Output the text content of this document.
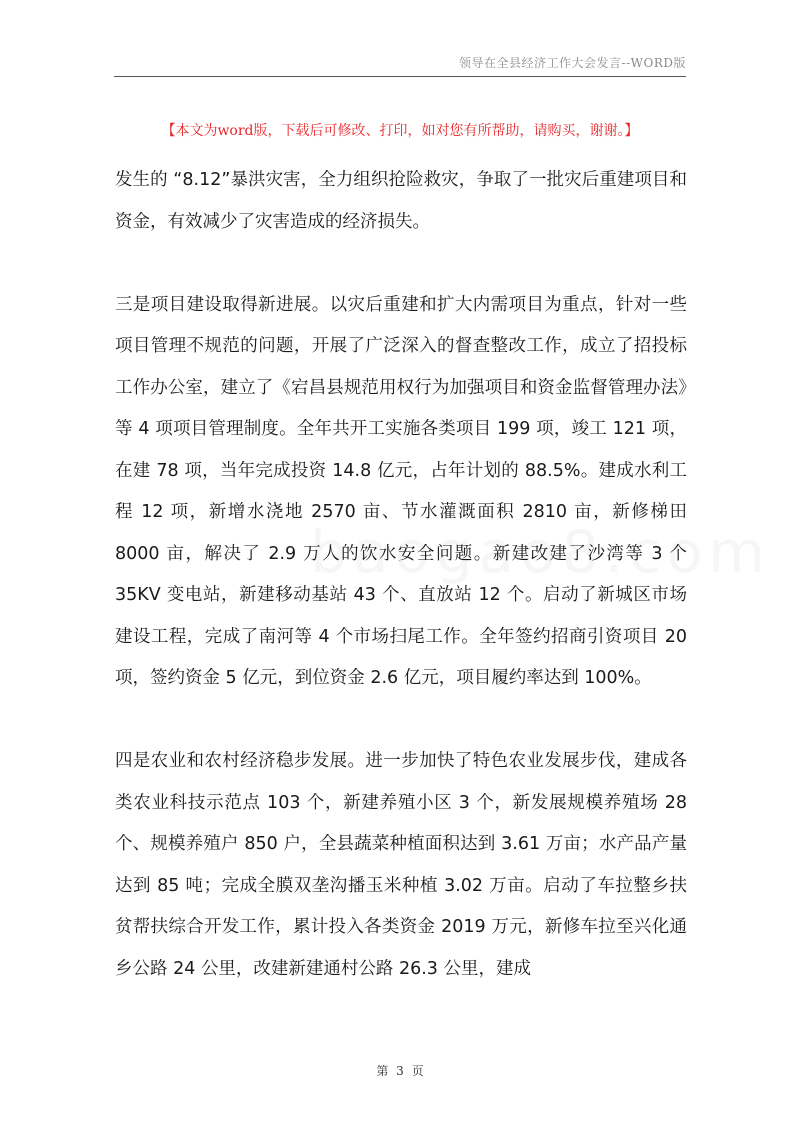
领导在全县经济工作大会发言--WORD版
【本文为word版，下载后可修改、打印，如对您有所帮助，请购买，谢谢。】

发生的 “8.12”暴洪灾害，全力组织抢险救灾，争取了一批灾后重建项目和资金，有效减少了灾害造成的经济损失。

三是项目建设取得新进展。以灾后重建和扩大内需项目为重点，针对一些项目管理不规范的问题，开展了广泛深入的督查整改工作，成立了招投标工作办公室，建立了《宕昌县规范用权行为加强项目和资金监督管理办法》等 4 项项目管理制度。全年共开工实施各类项目 199 项，竣工 121 项，在建 78 项，当年完成投资 14.8 亿元，占年计划的 88.5%。建成水利工程 12 项，新增水浇地 2570 亩、节水灌溉面积 2810 亩，新修梯田 8000 亩，解决了 2.9 万人的饮水安全问题。新建改建了沙湾等 3 个 35KV 变电站，新建移动基站 43 个、直放站 12 个。启动了新城区市场建设工程，完成了南河等 4 个市场扫尾工作。全年签约招商引资项目 20 项，签约资金 5 亿元，到位资金 2.6 亿元，项目履约率达到 100%。

四是农业和农村经济稳步发展。进一步加快了特色农业发展步伐，建成各类农业科技示范点 103 个，新建养殖小区 3 个，新发展规模养殖场 28 个、规模养殖户 850 户，全县蔬菜种植面积达到 3.61 万亩；水产品产量达到 85 吨；完成全膜双垄沟播玉米种植 3.02 万亩。启动了车拉整乡扶贫帮扶综合开发工作，累计投入各类资金 2019 万元，新修车拉至兴化通乡公路 24 公里，改建新建通村公路 26.3 公里，建成

第 3 页
